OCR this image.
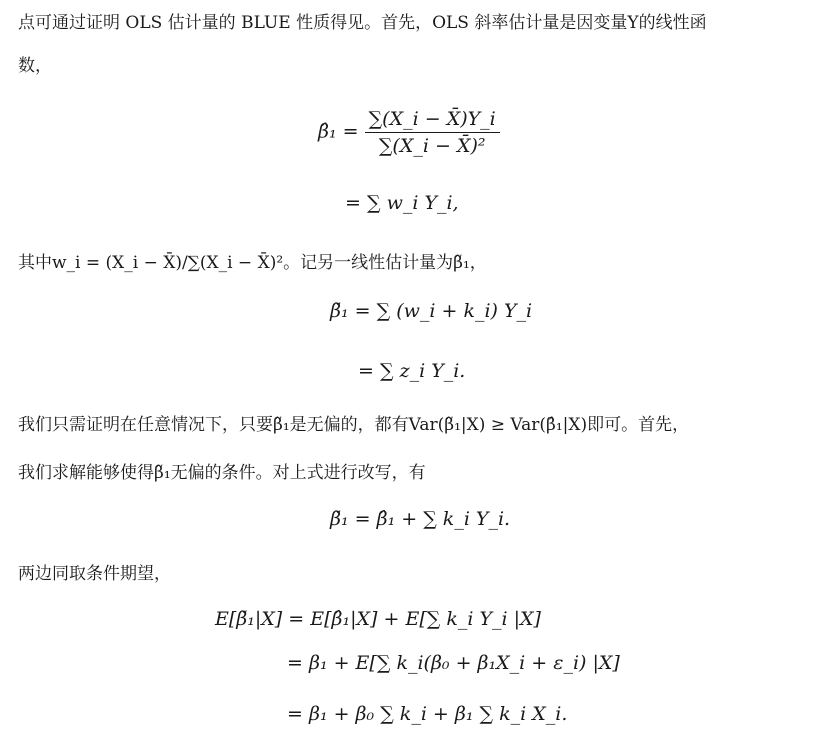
点可通过证明 OLS 估计量的 BLUE 性质得见。首先，OLS 斜率估计量是因变量Y的线性函
数，
β̂₁ = $\frac{\sum(X\_i - X̄)Y\_i}{\text{∑(X\_i − X̄)²}}$
= ∑ w_i Y_i,
其中w_i = (X_i − X̄)/∑(X_i − X̄)²。记另一线性估计量为β̃₁，
β̃₁ = ∑ (w_i + k_i) Y_i
= ∑ z_i Y_i.
我们只需证明在任意情况下，只要β̃₁是无偏的，都有Var(β̃₁|X) ≥ Var(β̂₁|X)即可。首先，
我们求解能够使得β̃₁无偏的条件。对上式进行改写，有
β̃₁ = β̂₁ + ∑ k_i Y_i.
两边同取条件期望，
E[β̃₁|X] = E[β̂₁|X] + E[∑ k_i Y_i |X]
= β₁ + E[∑ k_i(β₀ + β₁X_i + ε_i) |X]
= β₁ + β₀ ∑ k_i + β₁ ∑ k_i X_i.
